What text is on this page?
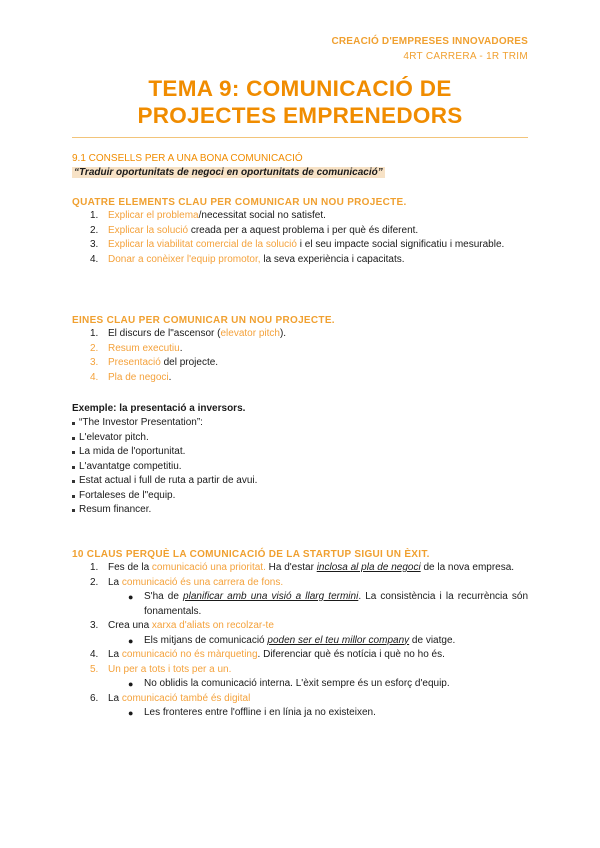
CREACIÓ D'EMPRESES INNOVADORES
4RT CARRERA - 1R TRIM
TEMA 9: COMUNICACIÓ DE
PROJECTES EMPRENEDORS
9.1 CONSELLS PER A UNA BONA COMUNICACIÓ
“Traduir oportunitats de negoci en oportunitats de comunicació”
QUATRE ELEMENTS CLAU PER COMUNICAR UN NOU PROJECTE.
1. Explicar el problema/necessitat social no satisfet.
2. Explicar la solució creada per a aquest problema i per què és diferent.
3. Explicar la viabilitat comercial de la solució i el seu impacte social significatiu i mesurable.
4. Donar a conèixer l'equip promotor, la seva experiència i capacitats.
EINES CLAU PER COMUNICAR UN NOU PROJECTE.
1. El discurs de l"ascensor (elevator pitch).
2. Resum executiu.
3. Presentació del projecte.
4. Pla de negoci.
Exemple: la presentació a inversors.
“The Investor Presentation”:
L'elevator pitch.
La mida de l'oportunitat.
L'avantatge competitiu.
Estat actual i full de ruta a partir de avui.
Fortaleses de l"equip.
Resum financer.
10 CLAUS PERQUÈ LA COMUNICACIÓ DE LA STARTUP SIGUI UN ÈXIT.
1. Fes de la comunicació una prioritat. Ha d'estar inclosa al pla de negoci de la nova empresa.
2. La comunicació és una carrera de fons.
● S'ha de planificar amb una visió a llarg termini. La consistència i la recurrència són fonamentals.
3. Crea una xarxa d'aliats on recolzar-te
● Els mitjans de comunicació poden ser el teu millor company de viatge.
4. La comunicació no és màrqueting. Diferenciar què és notícia i què no ho és.
5. Un per a tots i tots per a un.
● No oblidis la comunicació interna. L'èxit sempre és un esforç d'equip.
6. La comunicació també és digital
● Les fronteres entre l'offline i en línia ja no existeixen.
